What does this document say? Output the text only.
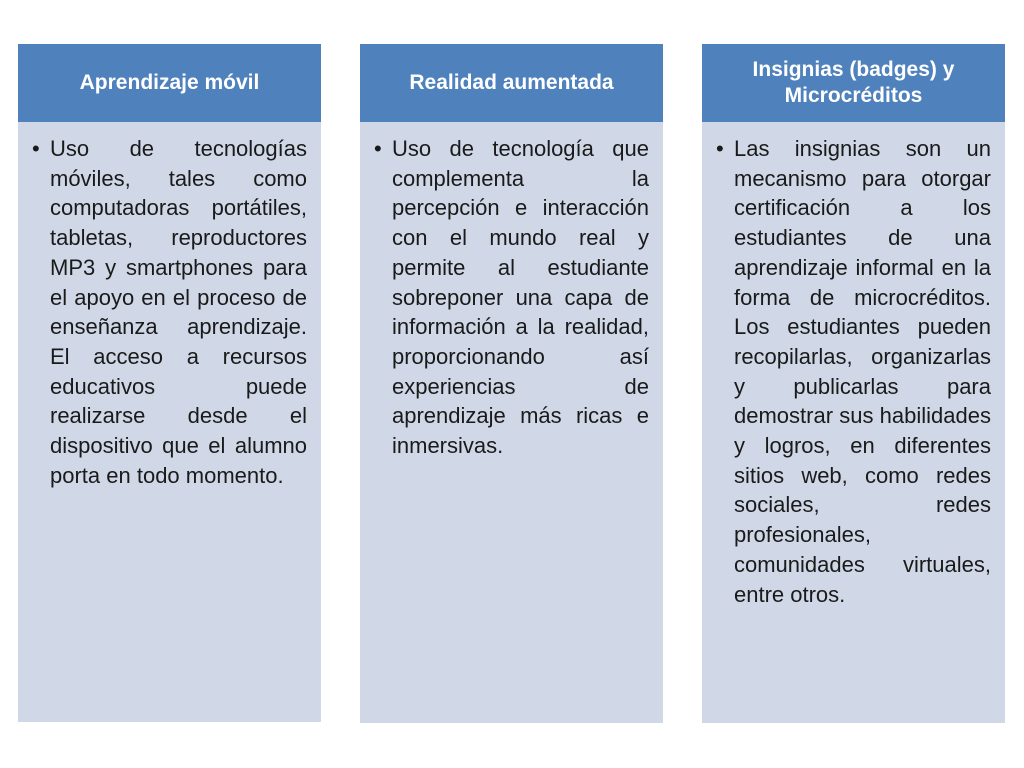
Aprendizaje móvil
• Uso de tecnologías móviles, tales como computadoras portátiles, tabletas, reproductores MP3 y smartphones para el apoyo en el proceso de enseñanza aprendizaje. El acceso a recursos educativos puede realizarse desde el dispositivo que el alumno porta en todo momento.
Realidad aumentada
• Uso de tecnología que complementa la percepción e interacción con el mundo real y permite al estudiante sobreponer una capa de información a la realidad, proporcionando así experiencias de aprendizaje más ricas e inmersivas.
Insignias (badges) y Microcréditos
• Las insignias son un mecanismo para otorgar certificación a los estudiantes de una aprendizaje informal en la forma de microcréditos. Los estudiantes pueden recopilarlas, organizarlas y publicarlas para demostrar sus habilidades y logros, en diferentes sitios web, como redes sociales, redes profesionales, comunidades virtuales, entre otros.
